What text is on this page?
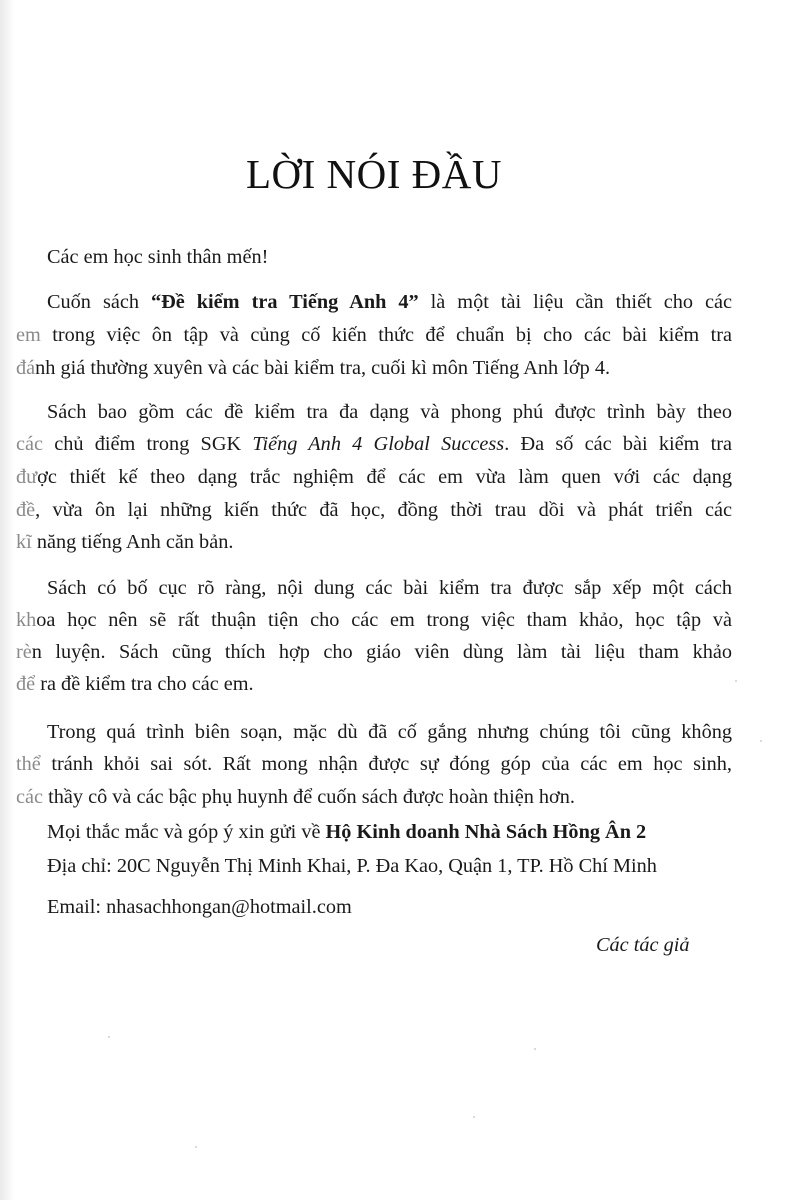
LỜI NÓI ĐẦU
Các em học sinh thân mến!
Cuốn sách “Đề kiểm tra Tiếng Anh 4” là một tài liệu cần thiết cho các
em trong việc ôn tập và củng cố kiến thức để chuẩn bị cho các bài kiểm tra
đánh giá thường xuyên và các bài kiểm tra, cuối kì môn Tiếng Anh lớp 4.
Sách bao gồm các đề kiểm tra đa dạng và phong phú được trình bày theo
các chủ điểm trong SGK Tiếng Anh 4 Global Success. Đa số các bài kiểm tra
được thiết kế theo dạng trắc nghiệm để các em vừa làm quen với các dạng
đề, vừa ôn lại những kiến thức đã học, đồng thời trau dồi và phát triển các
kĩ năng tiếng Anh căn bản.
Sách có bố cục rõ ràng, nội dung các bài kiểm tra được sắp xếp một cách
khoa học nên sẽ rất thuận tiện cho các em trong việc tham khảo, học tập và
rèn luyện. Sách cũng thích hợp cho giáo viên dùng làm tài liệu tham khảo
để ra đề kiểm tra cho các em.
Trong quá trình biên soạn, mặc dù đã cố gắng nhưng chúng tôi cũng không
thể tránh khỏi sai sót. Rất mong nhận được sự đóng góp của các em học sinh,
các thầy cô và các bậc phụ huynh để cuốn sách được hoàn thiện hơn.
Mọi thắc mắc và góp ý xin gửi về Hộ Kinh doanh Nhà Sách Hồng Ân 2
Địa chỉ: 20C Nguyễn Thị Minh Khai, P. Đa Kao, Quận 1, TP. Hồ Chí Minh
Email: nhasachhongan@hotmail.com
Các tác giả
